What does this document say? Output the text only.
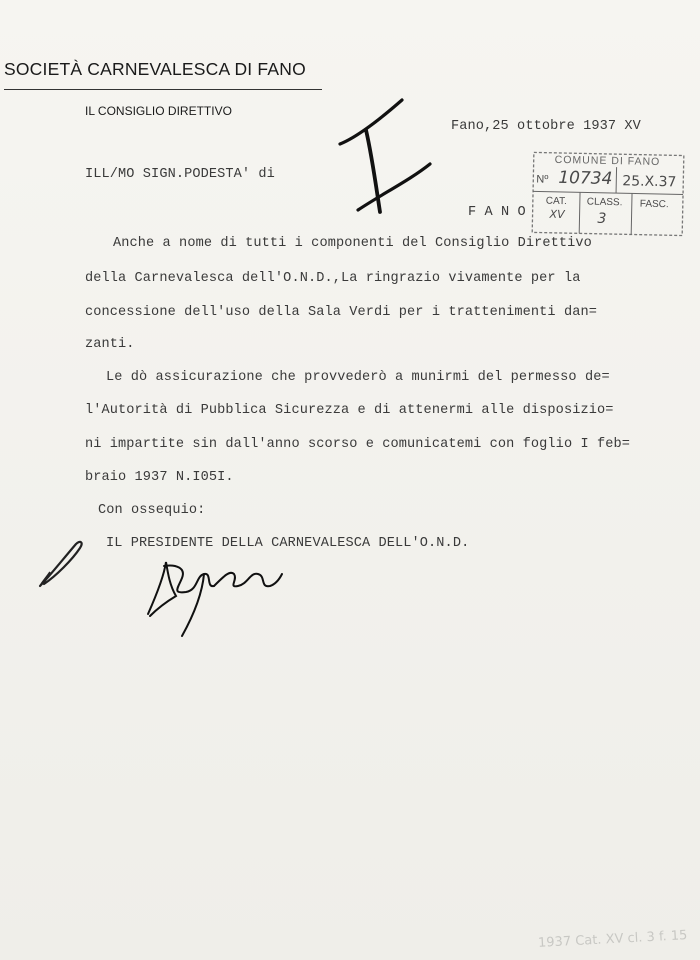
SOCIETÀ CARNEVALESCA DI FANO
IL CONSIGLIO DIRETTIVO
Fano,25 ottobre 1937 XV
ILL/MO SIGN.PODESTA' di
F A N O
COMUNE DI FANO
Nº 10734 25.X.37
CAT.
XV
CLASS.
3
FASC.
Anche a nome di tutti i componenti del Consiglio Direttivo
della Carnevalesca dell'O.N.D.,La ringrazio vivamente per la
concessione dell'uso della Sala Verdi per i trattenimenti dan=
zanti.
Le dò assicurazione che provvederò a munirmi del permesso de=
l'Autorità di Pubblica Sicurezza e di attenermi alle disposizio=
ni impartite sin dall'anno scorso e comunicatemi con foglio I feb=
braio 1937 N.I05I.
Con ossequio:
IL PRESIDENTE DELLA CARNEVALESCA DELL'O.N.D.
1937 Cat. XV cl. 3 f. 15
